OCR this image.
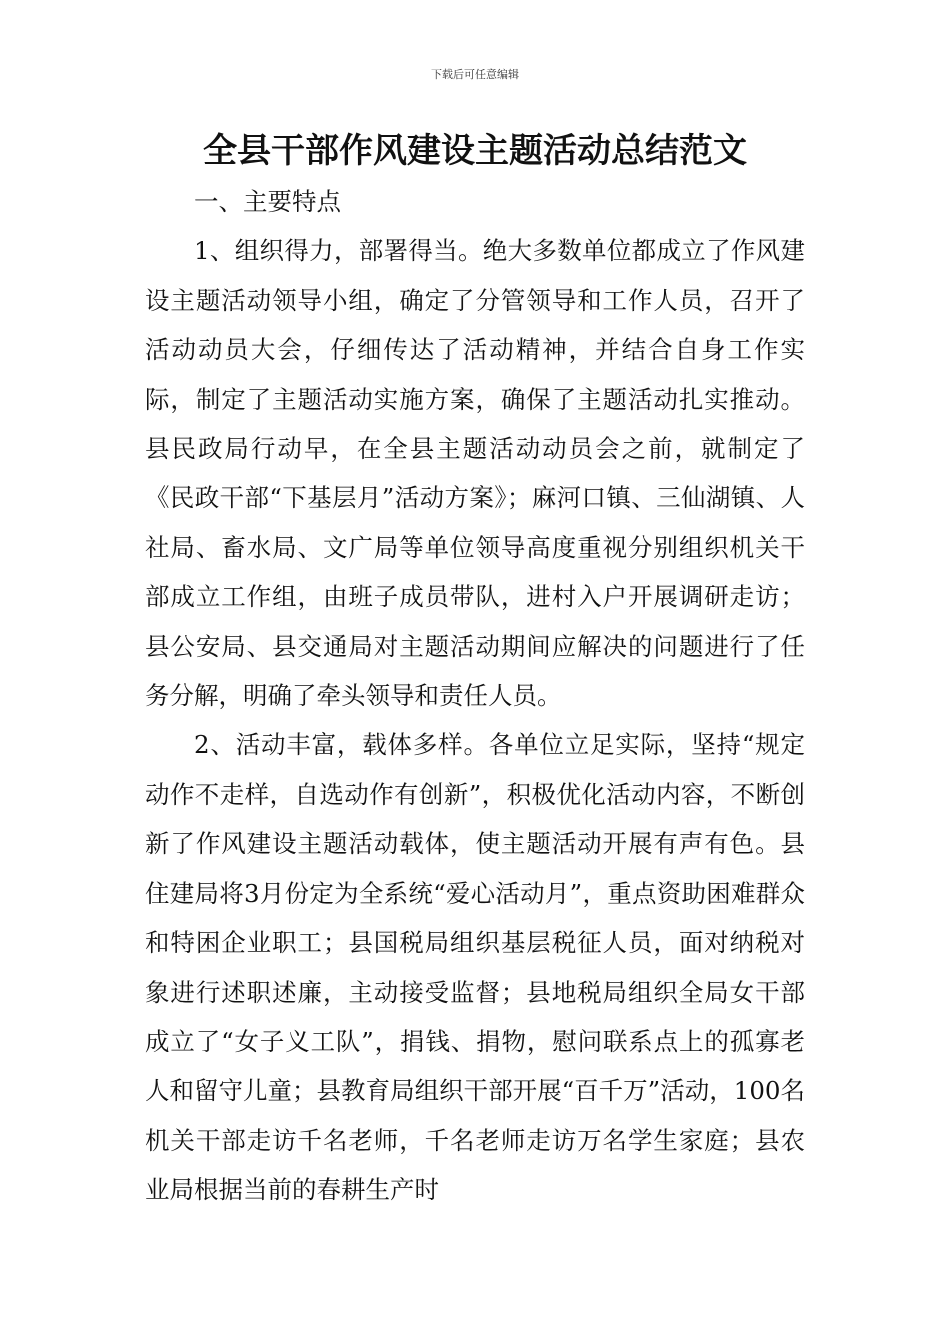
下载后可任意编辑
全县干部作风建设主题活动总结范文

一、主要特点

1、组织得力，部署得当。绝大多数单位都成立了作风建设主题活动领导小组，确定了分管领导和工作人员，召开了活动动员大会，仔细传达了活动精神，并结合自身工作实际，制定了主题活动实施方案，确保了主题活动扎实推动。县民政局行动早，在全县主题活动动员会之前，就制定了《民政干部“下基层月”活动方案》；麻河口镇、三仙湖镇、人社局、畜水局、文广局等单位领导高度重视分别组织机关干部成立工作组，由班子成员带队，进村入户开展调研走访；县公安局、县交通局对主题活动期间应解决的问题进行了任务分解，明确了牵头领导和责任人员。

2、活动丰富，载体多样。各单位立足实际，坚持“规定动作不走样，自选动作有创新”，积极优化活动内容，不断创新了作风建设主题活动载体，使主题活动开展有声有色。县住建局将3月份定为全系统“爱心活动月”，重点资助困难群众和特困企业职工；县国税局组织基层税征人员，面对纳税对象进行述职述廉，主动接受监督；县地税局组织全局女干部成立了“女子义工队”，捐钱、捐物，慰问联系点上的孤寡老人和留守儿童；县教育局组织干部开展“百千万”活动，100名机关干部走访千名老师，千名老师走访万名学生家庭；县农业局根据当前的春耕生产时
